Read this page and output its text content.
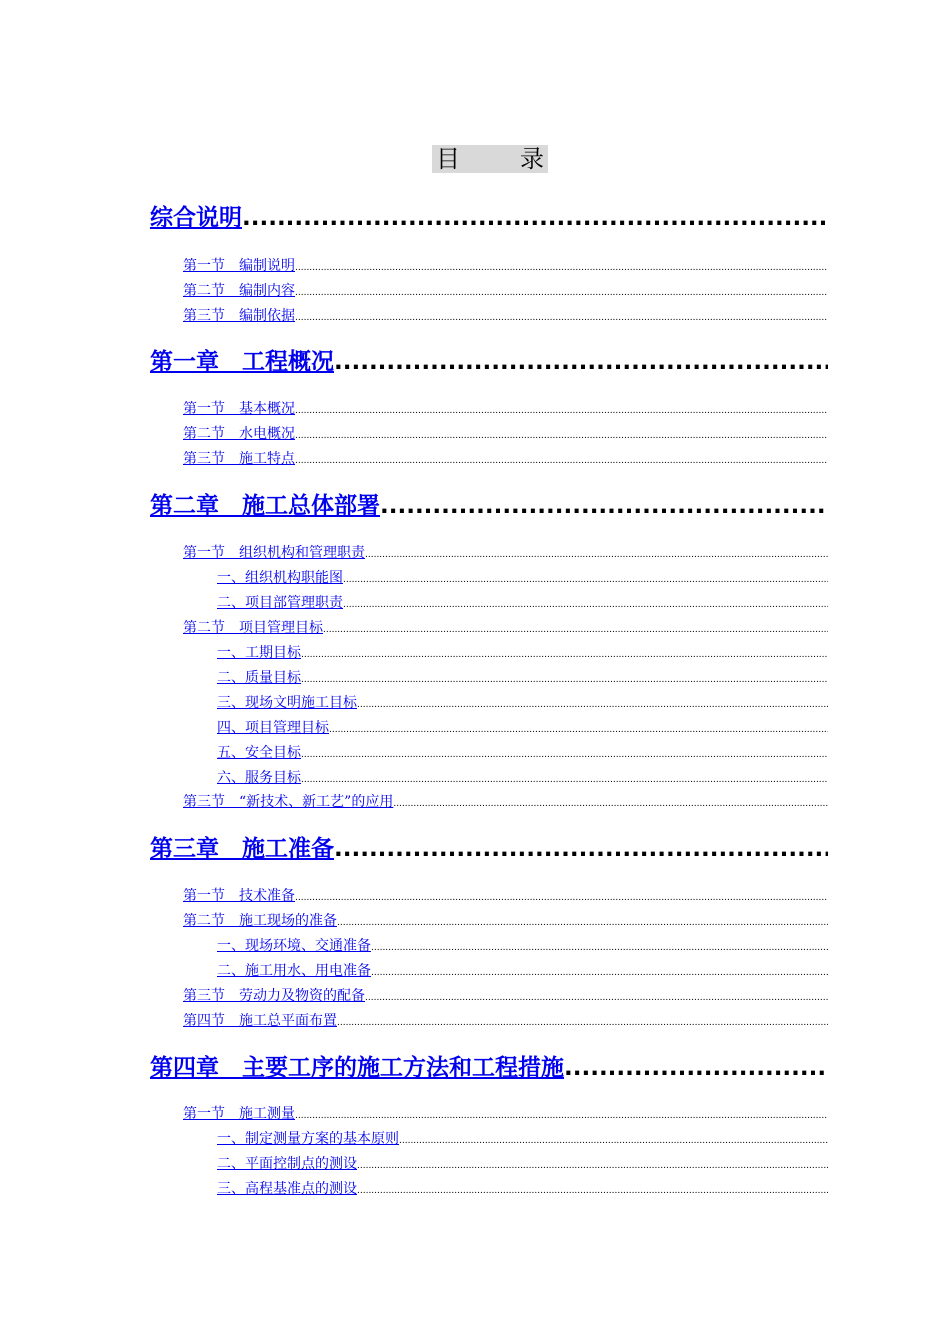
目	录
综合说明
.....
第一节　编制说明
.....
第二节　编制内容
.....
第三节　编制依据
.....
第一章　工程概况
.....
第一节　基本概况
.....
第二节　水电概况
.....
第三节　施工特点
.....
第二章　施工总体部署
.....
第一节　组织机构和管理职责
.....
一、组织机构职能图
.....
二、项目部管理职责
.....
第二节　项目管理目标
.....
一、工期目标
.....
二、质量目标
.....
三、现场文明施工目标
.....
四、项目管理目标
.....
五、安全目标
.....
六、服务目标
.....
第三节　“新技术、新工艺”的应用
.....
第三章　施工准备
.....
第一节　技术准备
.....
第二节　施工现场的准备
.....
一、现场环境、交通准备
.....
二、施工用水、用电准备
.....
第三节　劳动力及物资的配备
.....
第四节　施工总平面布置
.....
第四章　主要工序的施工方法和工程措施
.....
第一节　施工测量
.....
一、制定测量方案的基本原则
.....
二、平面控制点的测设
.....
三、高程基准点的测设
.....
